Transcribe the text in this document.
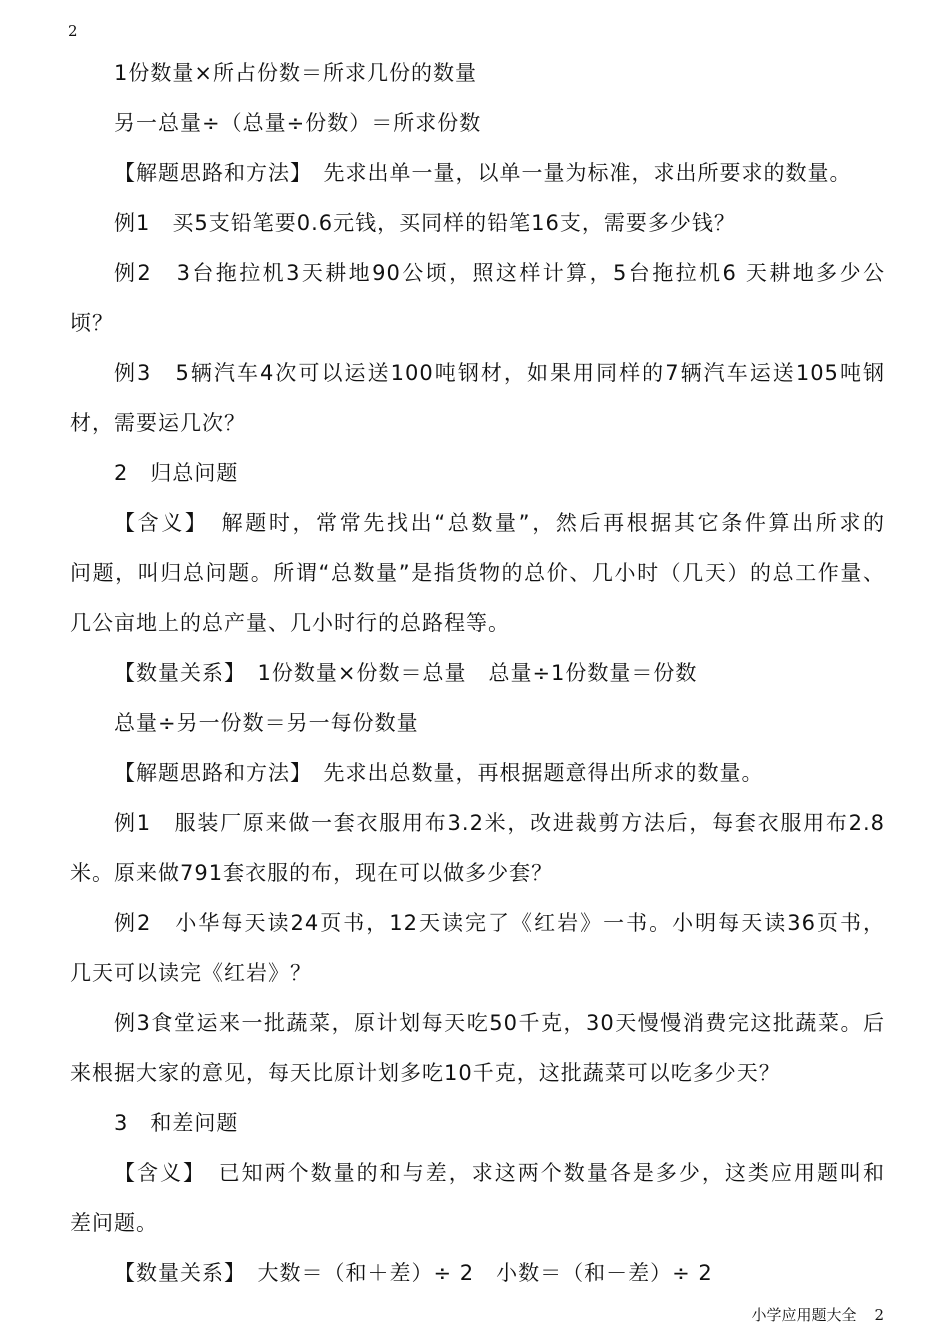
2
1份数量×所占份数＝所求几份的数量
另一总量÷（总量÷份数）＝所求份数
【解题思路和方法】　先求出单一量，以单一量为标准，求出所要求的数量。
例1　买5支铅笔要0.6元钱，买同样的铅笔16支，需要多少钱？
例2　3台拖拉机3天耕地90公顷，照这样计算，5台拖拉机6 天耕地多少公
顷？
例3　5辆汽车4次可以运送100吨钢材，如果用同样的7辆汽车运送105吨钢
材，需要运几次？
2　归总问题
【含义】　解题时，常常先找出“总数量”，然后再根据其它条件算出所求的
问题，叫归总问题。所谓“总数量”是指货物的总价、几小时（几天）的总工作量、
几公亩地上的总产量、几小时行的总路程等。
【数量关系】　1份数量×份数＝总量　总量÷1份数量＝份数
总量÷另一份数＝另一每份数量
【解题思路和方法】　先求出总数量，再根据题意得出所求的数量。
例1　服装厂原来做一套衣服用布3.2米，改进裁剪方法后，每套衣服用布2.8
米。原来做791套衣服的布，现在可以做多少套？
例2　小华每天读24页书，12天读完了《红岩》一书。小明每天读36页书，
几天可以读完《红岩》？
例3食堂运来一批蔬菜，原计划每天吃50千克，30天慢慢消费完这批蔬菜。后
来根据大家的意见，每天比原计划多吃10千克，这批蔬菜可以吃多少天？
3　和差问题
【含义】　已知两个数量的和与差，求这两个数量各是多少，这类应用题叫和
差问题。
【数量关系】　大数＝（和＋差）÷ 2　小数＝（和－差）÷ 2
小学应用题大全 2
